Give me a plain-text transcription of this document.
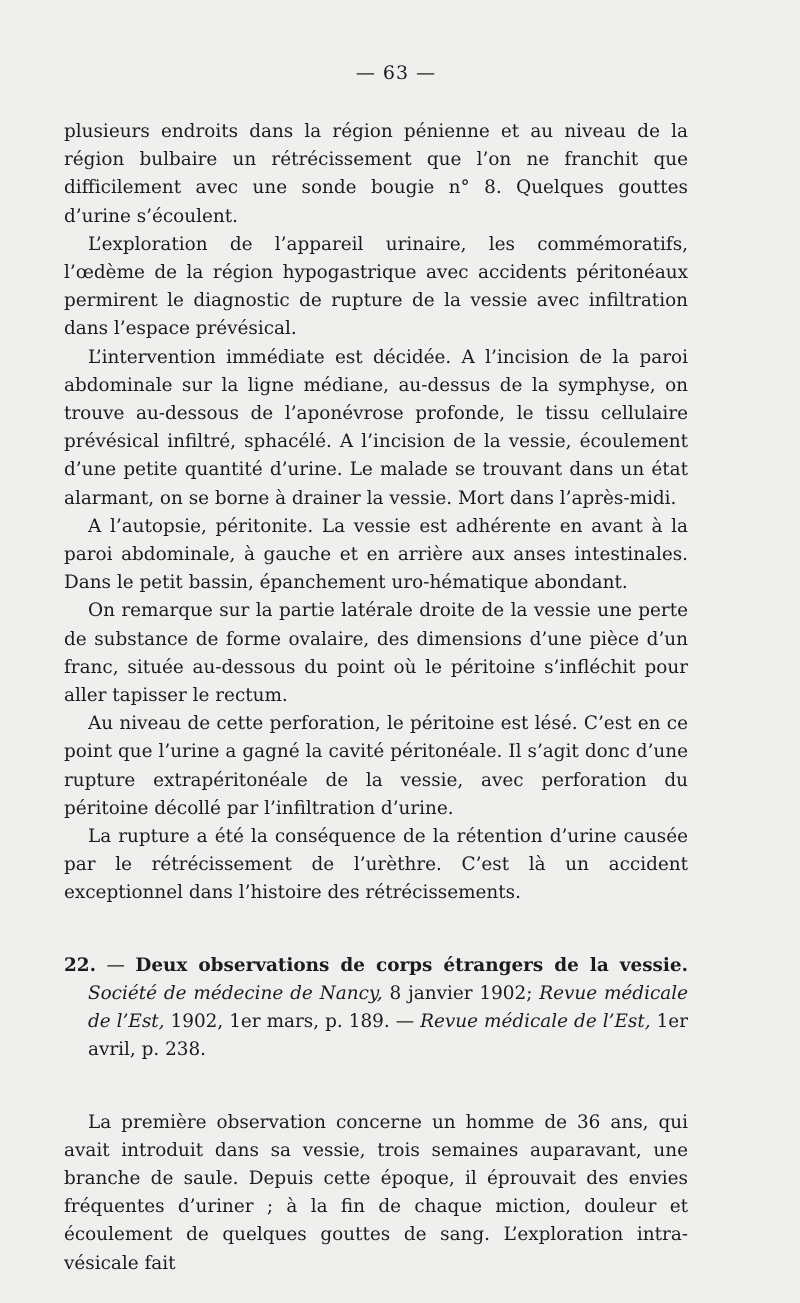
— 63 —

plusieurs endroits dans la région pénienne et au niveau de la région bulbaire un rétrécissement que l’on ne franchit que difficilement avec une sonde bougie n° 8. Quelques gouttes d’urine s’écoulent.

L’exploration de l’appareil urinaire, les commémoratifs, l’œdème de la région hypogastrique avec accidents péritonéaux permirent le diagnostic de rupture de la vessie avec infiltration dans l’espace prévésical.

L’intervention immédiate est décidée. A l’incision de la paroi abdominale sur la ligne médiane, au-dessus de la symphyse, on trouve au-dessous de l’aponévrose profonde, le tissu cellulaire prévésical infiltré, sphacélé. A l’incision de la vessie, écoulement d’une petite quantité d’urine. Le malade se trouvant dans un état alarmant, on se borne à drainer la vessie. Mort dans l’après-midi.

A l’autopsie, péritonite. La vessie est adhérente en avant à la paroi abdominale, à gauche et en arrière aux anses intestinales. Dans le petit bassin, épanchement uro-hématique abondant.

On remarque sur la partie latérale droite de la vessie une perte de substance de forme ovalaire, des dimensions d’une pièce d’un franc, située au-dessous du point où le péritoine s’infléchit pour aller tapisser le rectum.

Au niveau de cette perforation, le péritoine est lésé. C’est en ce point que l’urine a gagné la cavité péritonéale. Il s’agit donc d’une rupture extrapéritonéale de la vessie, avec perforation du péritoine décollé par l’infiltration d’urine.

La rupture a été la conséquence de la rétention d’urine causée par le rétrécissement de l’urèthre. C’est là un accident exceptionnel dans l’histoire des rétrécissements.

22. — Deux observations de corps étrangers de la vessie. Société de médecine de Nancy, 8 janvier 1902; Revue médicale de l’Est, 1902, 1er mars, p. 189. — Revue médicale de l’Est, 1er avril, p. 238.

La première observation concerne un homme de 36 ans, qui avait introduit dans sa vessie, trois semaines auparavant, une branche de saule. Depuis cette époque, il éprouvait des envies fréquentes d’uriner ; à la fin de chaque miction, douleur et écoulement de quelques gouttes de sang. L’exploration intra-vésicale fait
